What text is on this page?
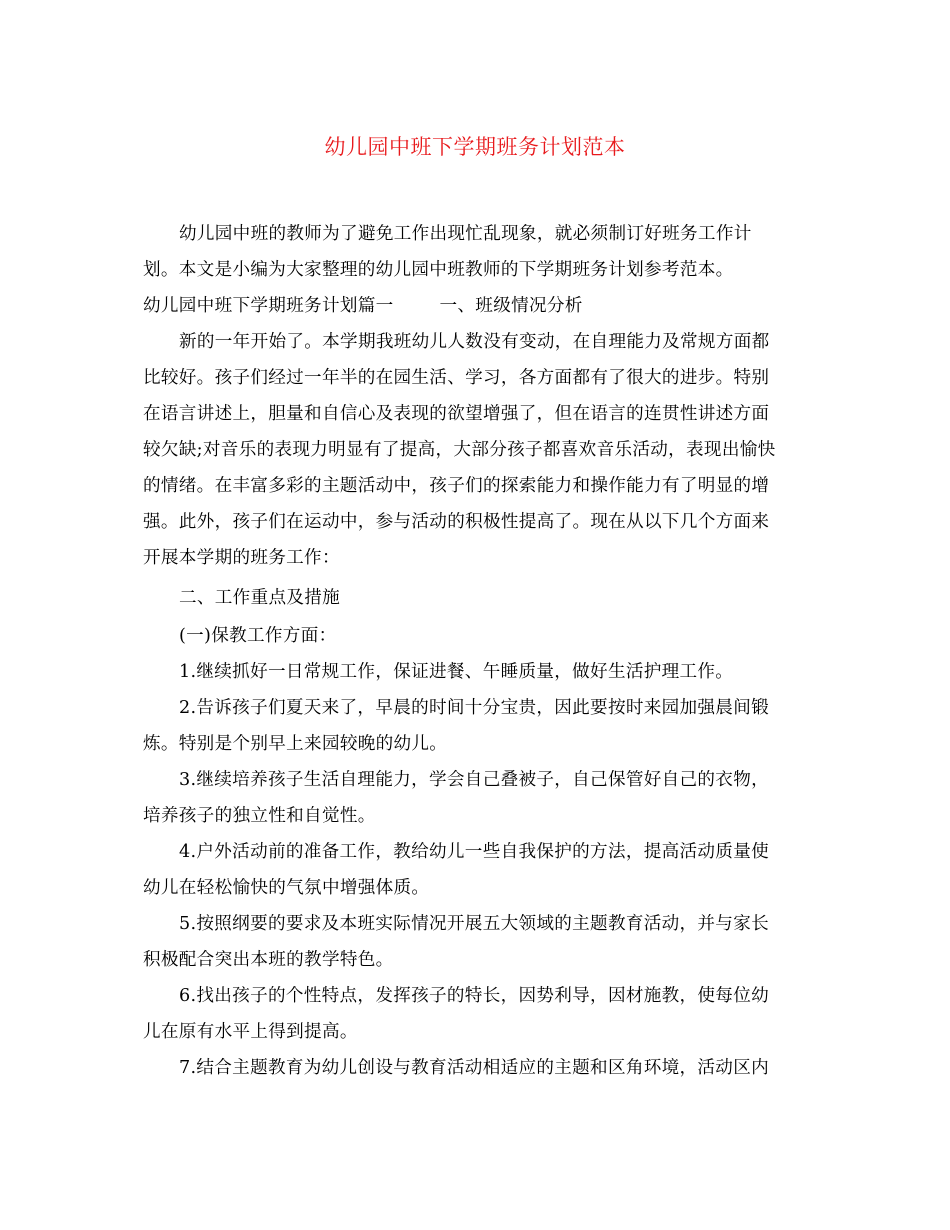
幼儿园中班下学期班务计划范本
幼儿园中班的教师为了避免工作出现忙乱现象，就必须制订好班务工作计
划。本文是小编为大家整理的幼儿园中班教师的下学期班务计划参考范本。
幼儿园中班下学期班务计划篇一	一、班级情况分析
新的一年开始了。本学期我班幼儿人数没有变动，在自理能力及常规方面都
比较好。孩子们经过一年半的在园生活、学习，各方面都有了很大的进步。特别
在语言讲述上，胆量和自信心及表现的欲望增强了，但在语言的连贯性讲述方面
较欠缺;对音乐的表现力明显有了提高，大部分孩子都喜欢音乐活动，表现出愉快
的情绪。在丰富多彩的主题活动中，孩子们的探索能力和操作能力有了明显的增
强。此外，孩子们在运动中，参与活动的积极性提高了。现在从以下几个方面来
开展本学期的班务工作：
二、工作重点及措施
(一)保教工作方面：
1.继续抓好一日常规工作，保证进餐、午睡质量，做好生活护理工作。
2.告诉孩子们夏天来了，早晨的时间十分宝贵，因此要按时来园加强晨间锻
炼。特别是个别早上来园较晚的幼儿。
3.继续培养孩子生活自理能力，学会自己叠被子，自己保管好自己的衣物，
培养孩子的独立性和自觉性。
4.户外活动前的准备工作，教给幼儿一些自我保护的方法，提高活动质量使
幼儿在轻松愉快的气氛中增强体质。
5.按照纲要的要求及本班实际情况开展五大领域的主题教育活动，并与家长
积极配合突出本班的教学特色。
6.找出孩子的个性特点，发挥孩子的特长，因势利导，因材施教，使每位幼
儿在原有水平上得到提高。
7.结合主题教育为幼儿创设与教育活动相适应的主题和区角环境，活动区内
